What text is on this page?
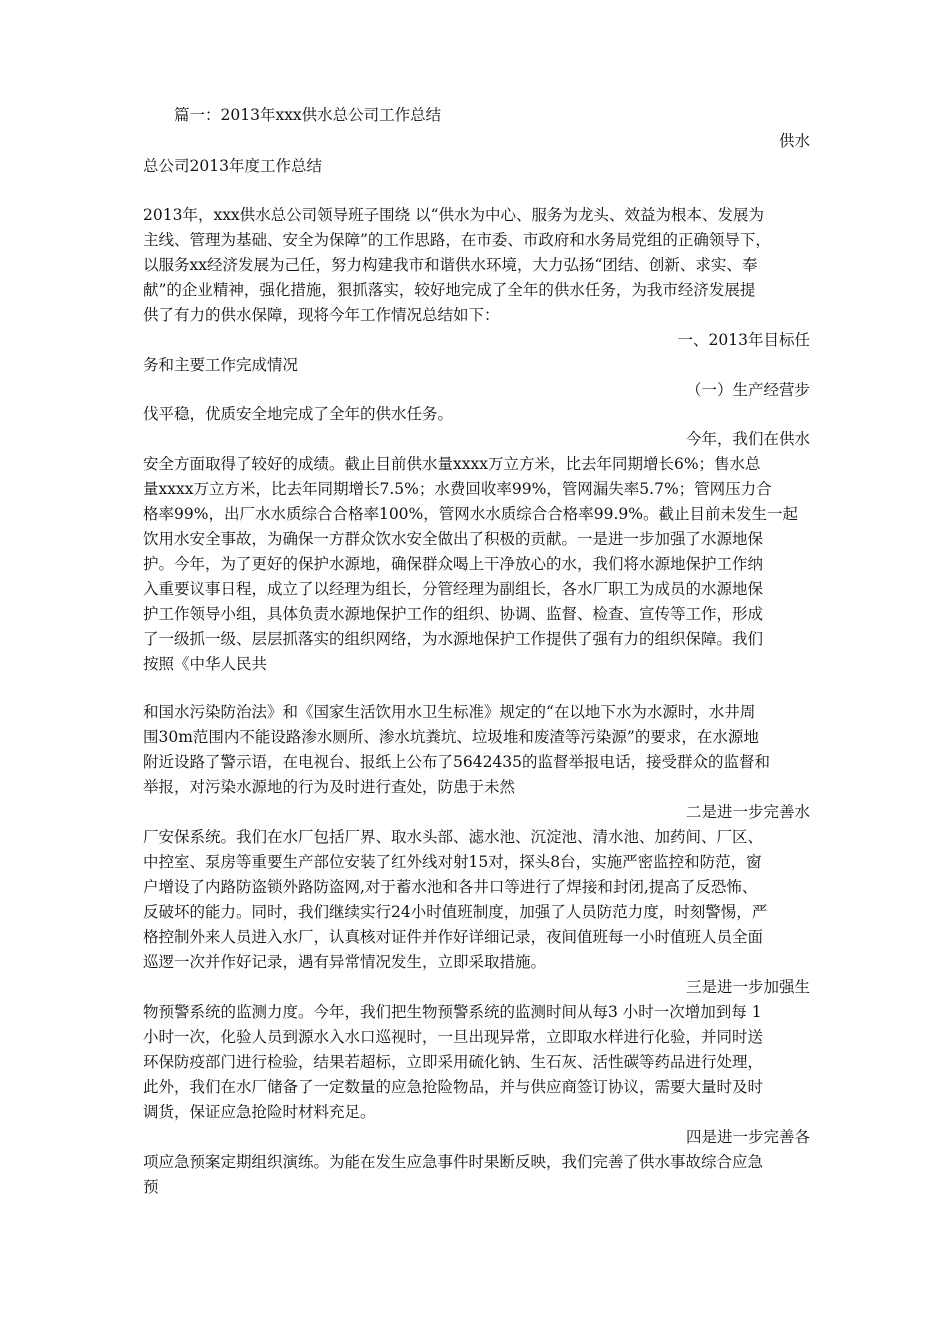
篇一：2013年xxx供水总公司工作总结
供水
总公司2013年度工作总结
2013年，xxx供水总公司领导班子围绕 以“供水为中心、服务为龙头、效益为根本、发展为
主线、管理为基础、安全为保障”的工作思路，在市委、市政府和水务局党组的正确领导下，
以服务xx经济发展为己任，努力构建我市和谐供水环境，大力弘扬“团结、创新、求实、奉
献”的企业精神，强化措施，狠抓落实，较好地完成了全年的供水任务，为我市经济发展提
供了有力的供水保障，现将今年工作情况总结如下：
一、2013年目标任
务和主要工作完成情况
（一）生产经营步
伐平稳，优质安全地完成了全年的供水任务。
今年，我们在供水
安全方面取得了较好的成绩。截止目前供水量xxxx万立方米，比去年同期增长6%；售水总
量xxxx万立方米，比去年同期增长7.5%；水费回收率99%，管网漏失率5.7%；管网压力合
格率99%，出厂水水质综合合格率100%，管网水水质综合合格率99.9%。截止目前未发生一起
饮用水安全事故，为确保一方群众饮水安全做出了积极的贡献。一是进一步加强了水源地保
护。今年，为了更好的保护水源地，确保群众喝上干净放心的水，我们将水源地保护工作纳
入重要议事日程，成立了以经理为组长，分管经理为副组长，各水厂职工为成员的水源地保
护工作领导小组，具体负责水源地保护工作的组织、协调、监督、检查、宣传等工作，形成
了一级抓一级、层层抓落实的组织网络，为水源地保护工作提供了强有力的组织保障。我们
按照《中华人民共
和国水污染防治法》和《国家生活饮用水卫生标准》规定的“在以地下水为水源时，水井周
围30m范围内不能设路渗水厕所、渗水坑粪坑、垃圾堆和废渣等污染源”的要求，在水源地
附近设路了警示语，在电视台、报纸上公布了5642435的监督举报电话，接受群众的监督和
举报，对污染水源地的行为及时进行查处，防患于未然
二是进一步完善水
厂安保系统。我们在水厂包括厂界、取水头部、滤水池、沉淀池、清水池、加药间、厂区、
中控室、泵房等重要生产部位安装了红外线对射15对，探头8台，实施严密监控和防范，窗
户增设了内路防盗锁外路防盗网,对于蓄水池和各井口等进行了焊接和封闭,提高了反恐怖、
反破坏的能力。同时，我们继续实行24小时值班制度，加强了人员防范力度，时刻警惕，严
格控制外来人员进入水厂，认真核对证件并作好详细记录，夜间值班每一小时值班人员全面
巡逻一次并作好记录，遇有异常情况发生，立即采取措施。
三是进一步加强生
物预警系统的监测力度。今年，我们把生物预警系统的监测时间从每3 小时一次增加到每 1
小时一次，化验人员到源水入水口巡视时，一旦出现异常，立即取水样进行化验，并同时送
环保防疫部门进行检验，结果若超标，立即采用硫化钠、生石灰、活性碳等药品进行处理，
此外，我们在水厂储备了一定数量的应急抢险物品，并与供应商签订协议，需要大量时及时
调货，保证应急抢险时材料充足。
四是进一步完善各
项应急预案定期组织演练。为能在发生应急事件时果断反映，我们完善了供水事故综合应急
预
